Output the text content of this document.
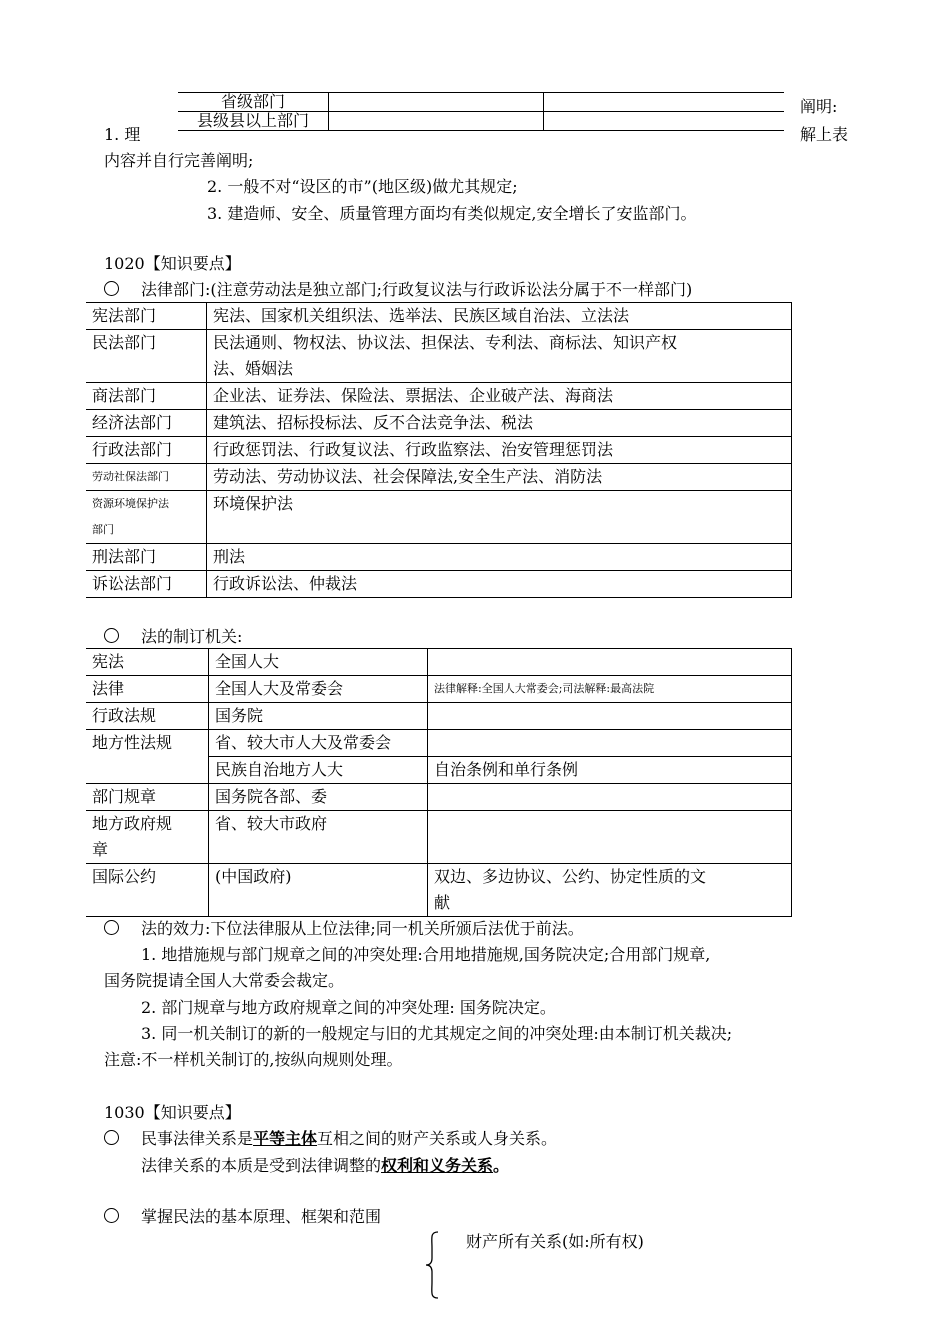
省级部门		
县级县以上部门		
阐明:
1. 理	解上表
内容并自行完善阐明;
2. 一般不对“设区的市”(地区级)做尤其规定;
3. 建造师、安全、质量管理方面均有类似规定,安全增长了安监部门。
1020【知识要点】
法律部门:(注意劳动法是独立部门;行政复议法与行政诉讼法分属于不一样部门)
宪法部门	宪法、国家机关组织法、选举法、民族区域自治法、立法法
民法部门	民法通则、物权法、协议法、担保法、专利法、商标法、知识产权
法、婚姻法

商法部门	企业法、证券法、保险法、票据法、企业破产法、海商法
经济法部门	建筑法、招标投标法、反不合法竞争法、税法
行政法部门	行政惩罚法、行政复议法、行政监察法、治安管理惩罚法
劳动社保法部门	劳动法、劳动协议法、社会保障法,安全生产法、消防法

资源环境保护法
部门	环境保护法
刑法部门	刑法
诉讼法部门	行政诉讼法、仲裁法
法的制订机关:
宪法	全国人大	
法律	全国人大及常委会	法律解释:全国人大常委会;司法解释:最高法院
行政法规	国务院	
地方性法规	省、较大市人大及常委会	
	民族自治地方人大	自治条例和单行条例
部门规章	国务院各部、委	

地方政府规
章	省、较大市政府	
国际公约	(中国政府)	双边、多边协议、公约、协定性质的文
献
法的效力:下位法律服从上位法律;同一机关所颁后法优于前法。
1. 地措施规与部门规章之间的冲突处理:合用地措施规,国务院决定;合用部门规章,
国务院提请全国人大常委会裁定。
2. 部门规章与地方政府规章之间的冲突处理: 国务院决定。
3. 同一机关制订的新的一般规定与旧的尤其规定之间的冲突处理:由本制订机关裁决;
注意:不一样机关制订的,按纵向规则处理。
1030【知识要点】
民事法律关系是平等主体互相之间的财产关系或人身关系。
法律关系的本质是受到法律调整的权利和义务关系。
掌握民法的基本原理、框架和范围
财产所有关系(如:所有权)
